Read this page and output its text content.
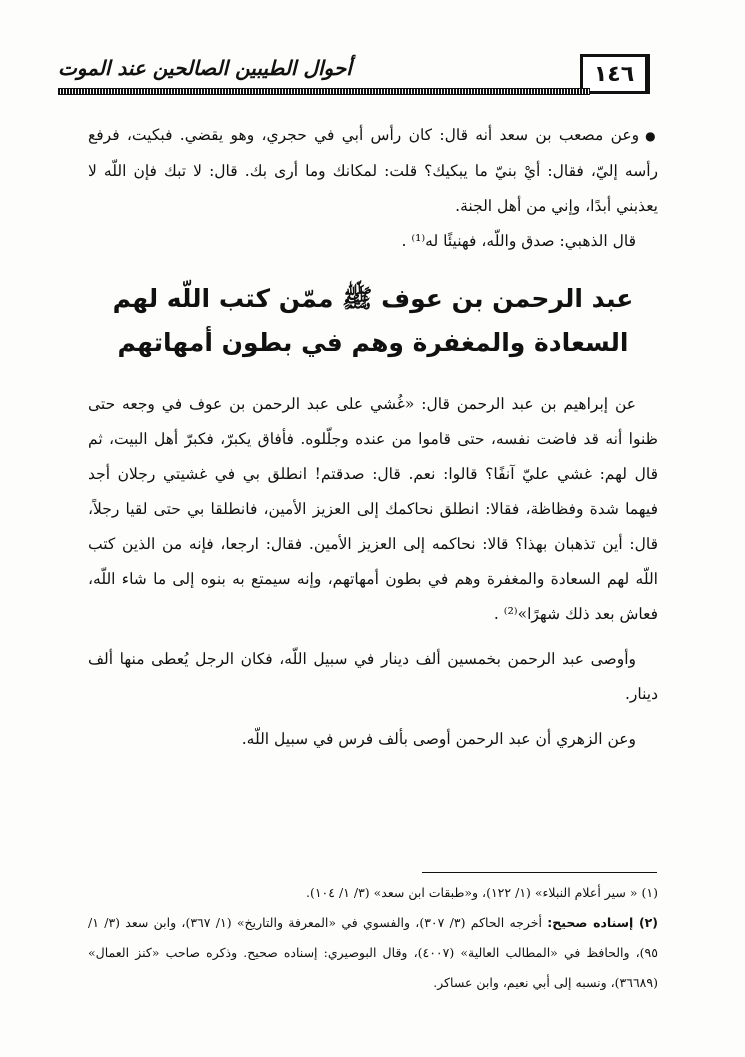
١٤٦
أحوال الطيبين الصالحين عند الموت

● وعن مصعب بن سعد أنه قال: كان رأس أبي في حجري، وهو يقضي. فبكيت، فرفع رأسه إليّ، فقال: أيْ بنيّ ما يبكيك؟ قلت: لمكانك وما أرى بك. قال: لا تبك فإن اللّه لا يعذبني أبدًا، وإني من أهل الجنة.

قال الذهبي: صدق واللّه، فهنيئًا له⁽¹⁾ .

عبد الرحمن بن عوف ﷺ ممّن كتب اللّه لهم
السعادة والمغفرة وهم في بطون أمهاتهم

عن إبراهيم بن عبد الرحمن قال: «غُشي على عبد الرحمن بن عوف في وجعه حتى ظنوا أنه قد فاضت نفسه، حتى قاموا من عنده وجلّلوه. فأفاق يكبرّ، فكبرّ أهل البيت، ثم قال لهم: غشي عليّ آنفًا؟ قالوا: نعم. قال: صدقتم! انطلق بي في غشيتي رجلان أجد فيهما شدة وفظاظة، فقالا: انطلق نحاكمك إلى العزيز الأمين، فانطلقا بي حتى لقيا رجلاً، قال: أين تذهبان بهذا؟ قالا: نحاكمه إلى العزيز الأمين. فقال: ارجعا، فإنه من الذين كتب اللّه لهم السعادة والمغفرة وهم في بطون أمهاتهم، وإنه سيمتع به بنوه إلى ما شاء اللّه، فعاش بعد ذلك شهرًا»⁽²⁾ .

وأوصى عبد الرحمن بخمسين ألف دينار في سبيل اللّه، فكان الرجل يُعطى منها ألف دينار.

وعن الزهري أن عبد الرحمن أوصى بألف فرس في سبيل اللّه.

(١) « سير أعلام النبلاء» (١/ ١٢٢)، و«طبقات ابن سعد» (٣/ ١/ ١٠٤).

(٢) إسناده صحيح: أخرجه الحاكم (٣/ ٣٠٧)، والفسوي في «المعرفة والتاريخ» (١/ ٣٦٧)، وابن سعد (٣/ ١/ ٩٥)، والحافظ في «المطالب العالية» (٤٠٠٧)، وقال البوصيري: إسناده صحيح. وذكره صاحب «كنز العمال» (٣٦٦٨٩)، ونسبه إلى أبي نعيم، وابن عساكر.
